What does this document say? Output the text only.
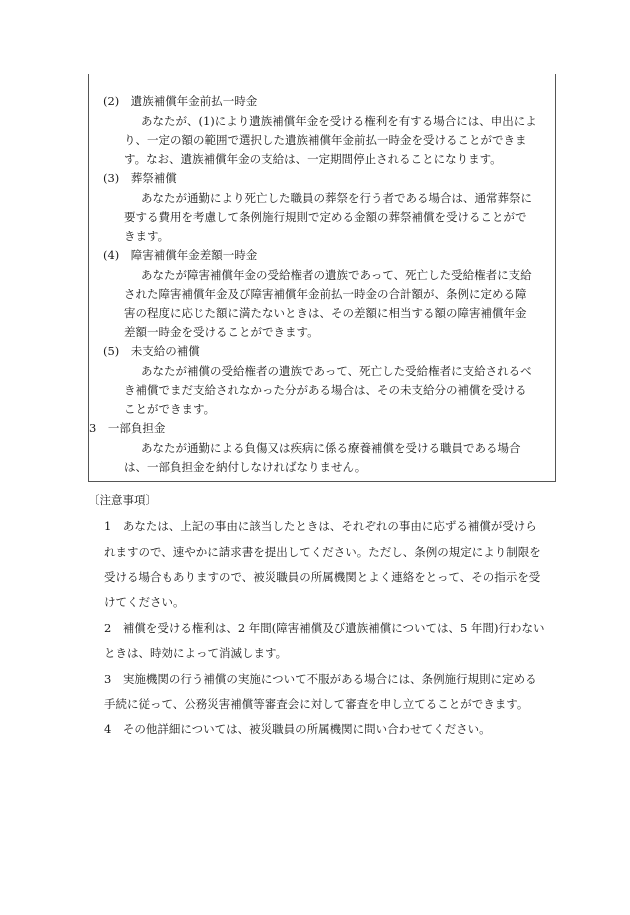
(2)　遺族補償年金前払一時金
あなたが、(1)により遺族補償年金を受ける権利を有する場合には、申出によ
り、一定の額の範囲で選択した遺族補償年金前払一時金を受けることができま
す。なお、遺族補償年金の支給は、一定期間停止されることになります。
(3)　葬祭補償
あなたが通勤により死亡した職員の葬祭を行う者である場合は、通常葬祭に
要する費用を考慮して条例施行規則で定める金額の葬祭補償を受けることがで
きます。
(4)　障害補償年金差額一時金
あなたが障害補償年金の受給権者の遺族であって、死亡した受給権者に支給
された障害補償年金及び障害補償年金前払一時金の合計額が、条例に定める障
害の程度に応じた額に満たないときは、その差額に相当する額の障害補償年金
差額一時金を受けることができます。
(5)　未支給の補償
あなたが補償の受給権者の遺族であって、死亡した受給権者に支給されるべ
き補償でまだ支給されなかった分がある場合は、その未支給分の補償を受ける
ことができます。
3　一部負担金
あなたが通勤による負傷又は疾病に係る療養補償を受ける職員である場合
は、一部負担金を納付しなければなりません。
〔注意事項〕
1　あなたは、上記の事由に該当したときは、それぞれの事由に応ずる補償が受けら
れますので、速やかに請求書を提出してください。ただし、条例の規定により制限を
受ける場合もありますので、被災職員の所属機関とよく連絡をとって、その指示を受
けてください。
2　補償を受ける権利は、2 年間(障害補償及び遺族補償については、5 年間)行わない
ときは、時効によって消滅します。
3　実施機関の行う補償の実施について不服がある場合には、条例施行規則に定める
手続に従って、公務災害補償等審査会に対して審査を申し立てることができます。
4　その他詳細については、被災職員の所属機関に問い合わせてください。
